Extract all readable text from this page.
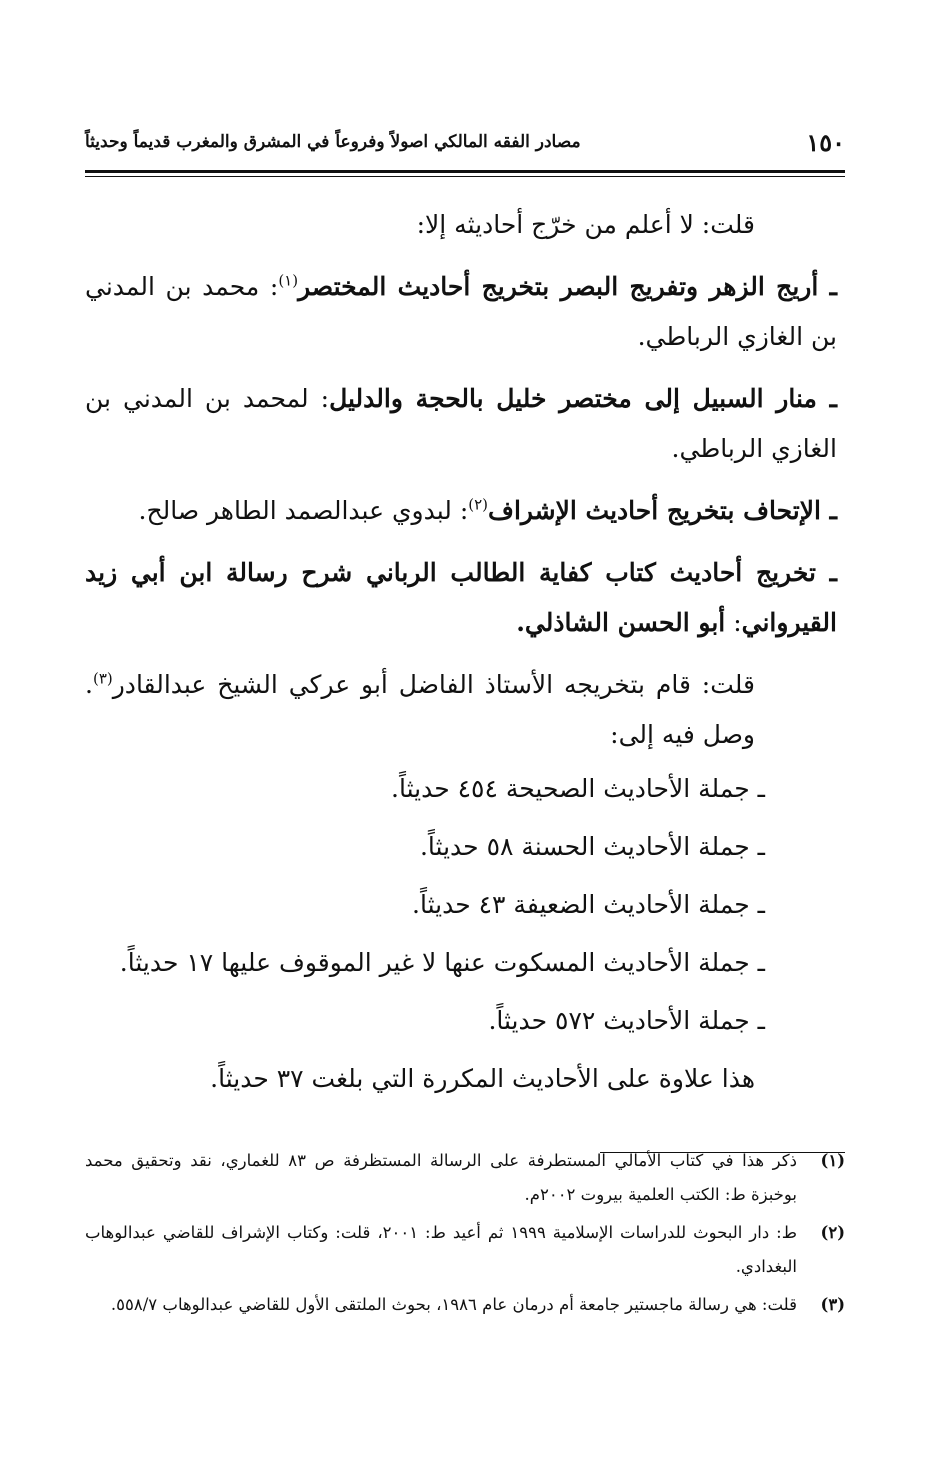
١٥٠
مصادر الفقه المالكي اصولاً وفروعاً في المشرق والمغرب قديماً وحديثاً

قلت: لا أعلم من خرّج أحاديثه إلا:

ـ أريج الزهر وتفريج البصر بتخريج أحاديث المختصر$^{(١)}$: محمد بن المدني بن الغازي الرباطي.

ـ منار السبيل إلى مختصر خليل بالحجة والدليل: لمحمد بن المدني بن الغازي الرباطي.

ـ الإتحاف بتخريج أحاديث الإشراف$^{(٢)}$: لبدوي عبدالصمد الطاهر صالح.

ـ تخريج أحاديث كتاب كفاية الطالب الرباني شرح رسالة ابن أبي زيد القيرواني: أبو الحسن الشاذلي.

قلت: قام بتخريجه الأستاذ الفاضل أبو عركي الشيخ عبدالقادر$^{(٣)}$. وصل فيه إلى:

ـ جملة الأحاديث الصحيحة ٤٥٤ حديثاً.

ـ جملة الأحاديث الحسنة ٥٨ حديثاً.

ـ جملة الأحاديث الضعيفة ٤٣ حديثاً.

ـ جملة الأحاديث المسكوت عنها لا غير الموقوف عليها ١٧ حديثاً.

ـ جملة الأحاديث ٥٧٢ حديثاً.

هذا علاوة على الأحاديث المكررة التي بلغت ٣٧ حديثاً.

(١)
ذكر هذا في كتاب الأمالي المستطرفة على الرسالة المستظرفة ص ٨٣ للغماري، نقد وتحقيق محمد بوخبزة ط: الكتب العلمية بيروت ٢٠٠٢م.
(٢)
ط: دار البحوث للدراسات الإسلامية ١٩٩٩ ثم أعيد ط: ٢٠٠١، قلت: وكتاب الإشراف للقاضي عبدالوهاب البغدادي.
(٣)
قلت: هي رسالة ماجستير جامعة أم درمان عام ١٩٨٦، بحوث الملتقى الأول للقاضي عبدالوهاب ٥٥٨/٧.
